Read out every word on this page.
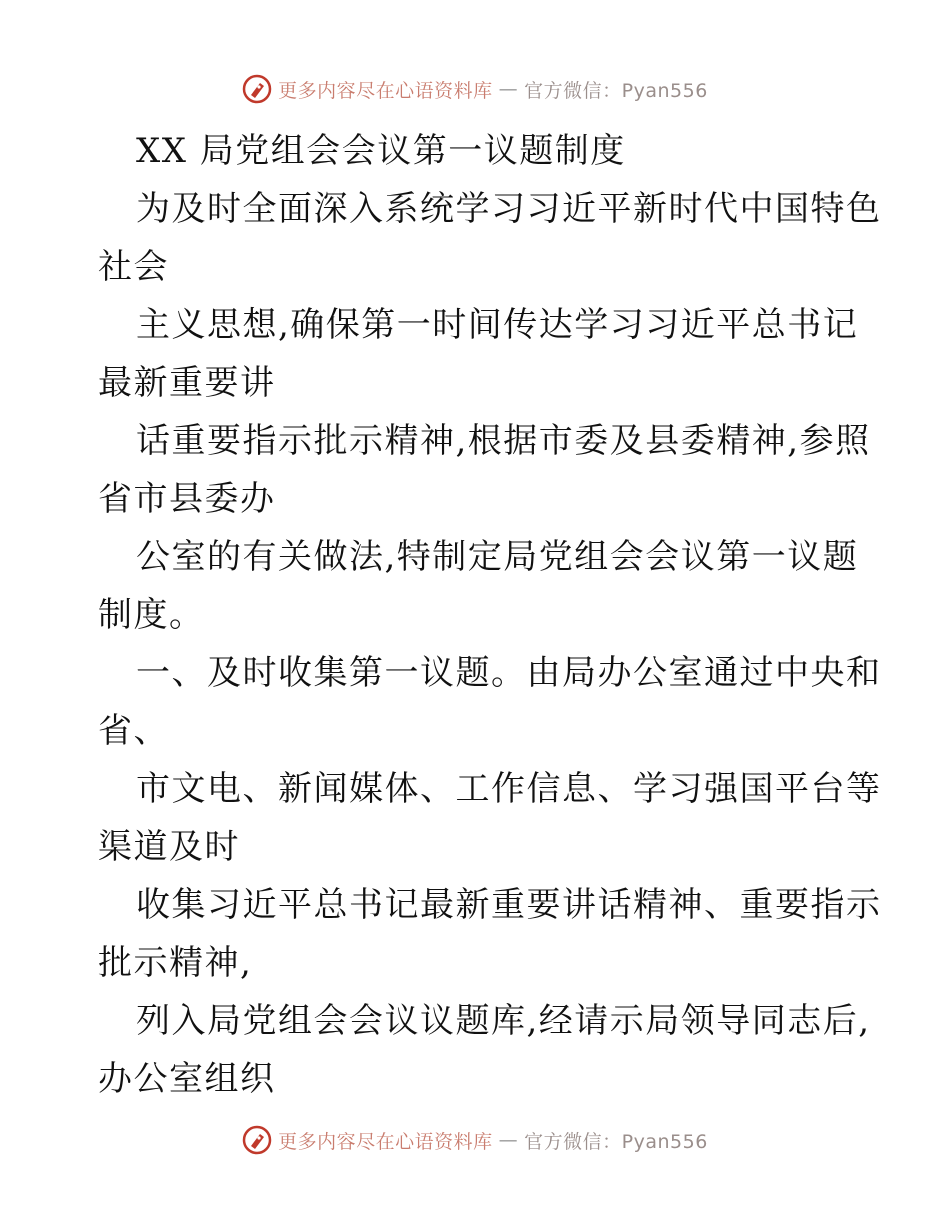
更多内容尽在心语资料库 — 官方微信：Pyan556
XX 局党组会会议第一议题制度
为及时全面深入系统学习习近平新时代中国特色
社会
主义思想,确保第一时间传达学习习近平总书记
最新重要讲
话重要指示批示精神,根据市委及县委精神,参照
省市县委办
公室的有关做法,特制定局党组会会议第一议题
制度。
一、及时收集第一议题。由局办公室通过中央和
省、
市文电、新闻媒体、工作信息、学习强国平台等
渠道及时
收集习近平总书记最新重要讲话精神、重要指示
批示精神,
列入局党组会会议议题库,经请示局领导同志后,
办公室组织
更多内容尽在心语资料库 — 官方微信：Pyan556
